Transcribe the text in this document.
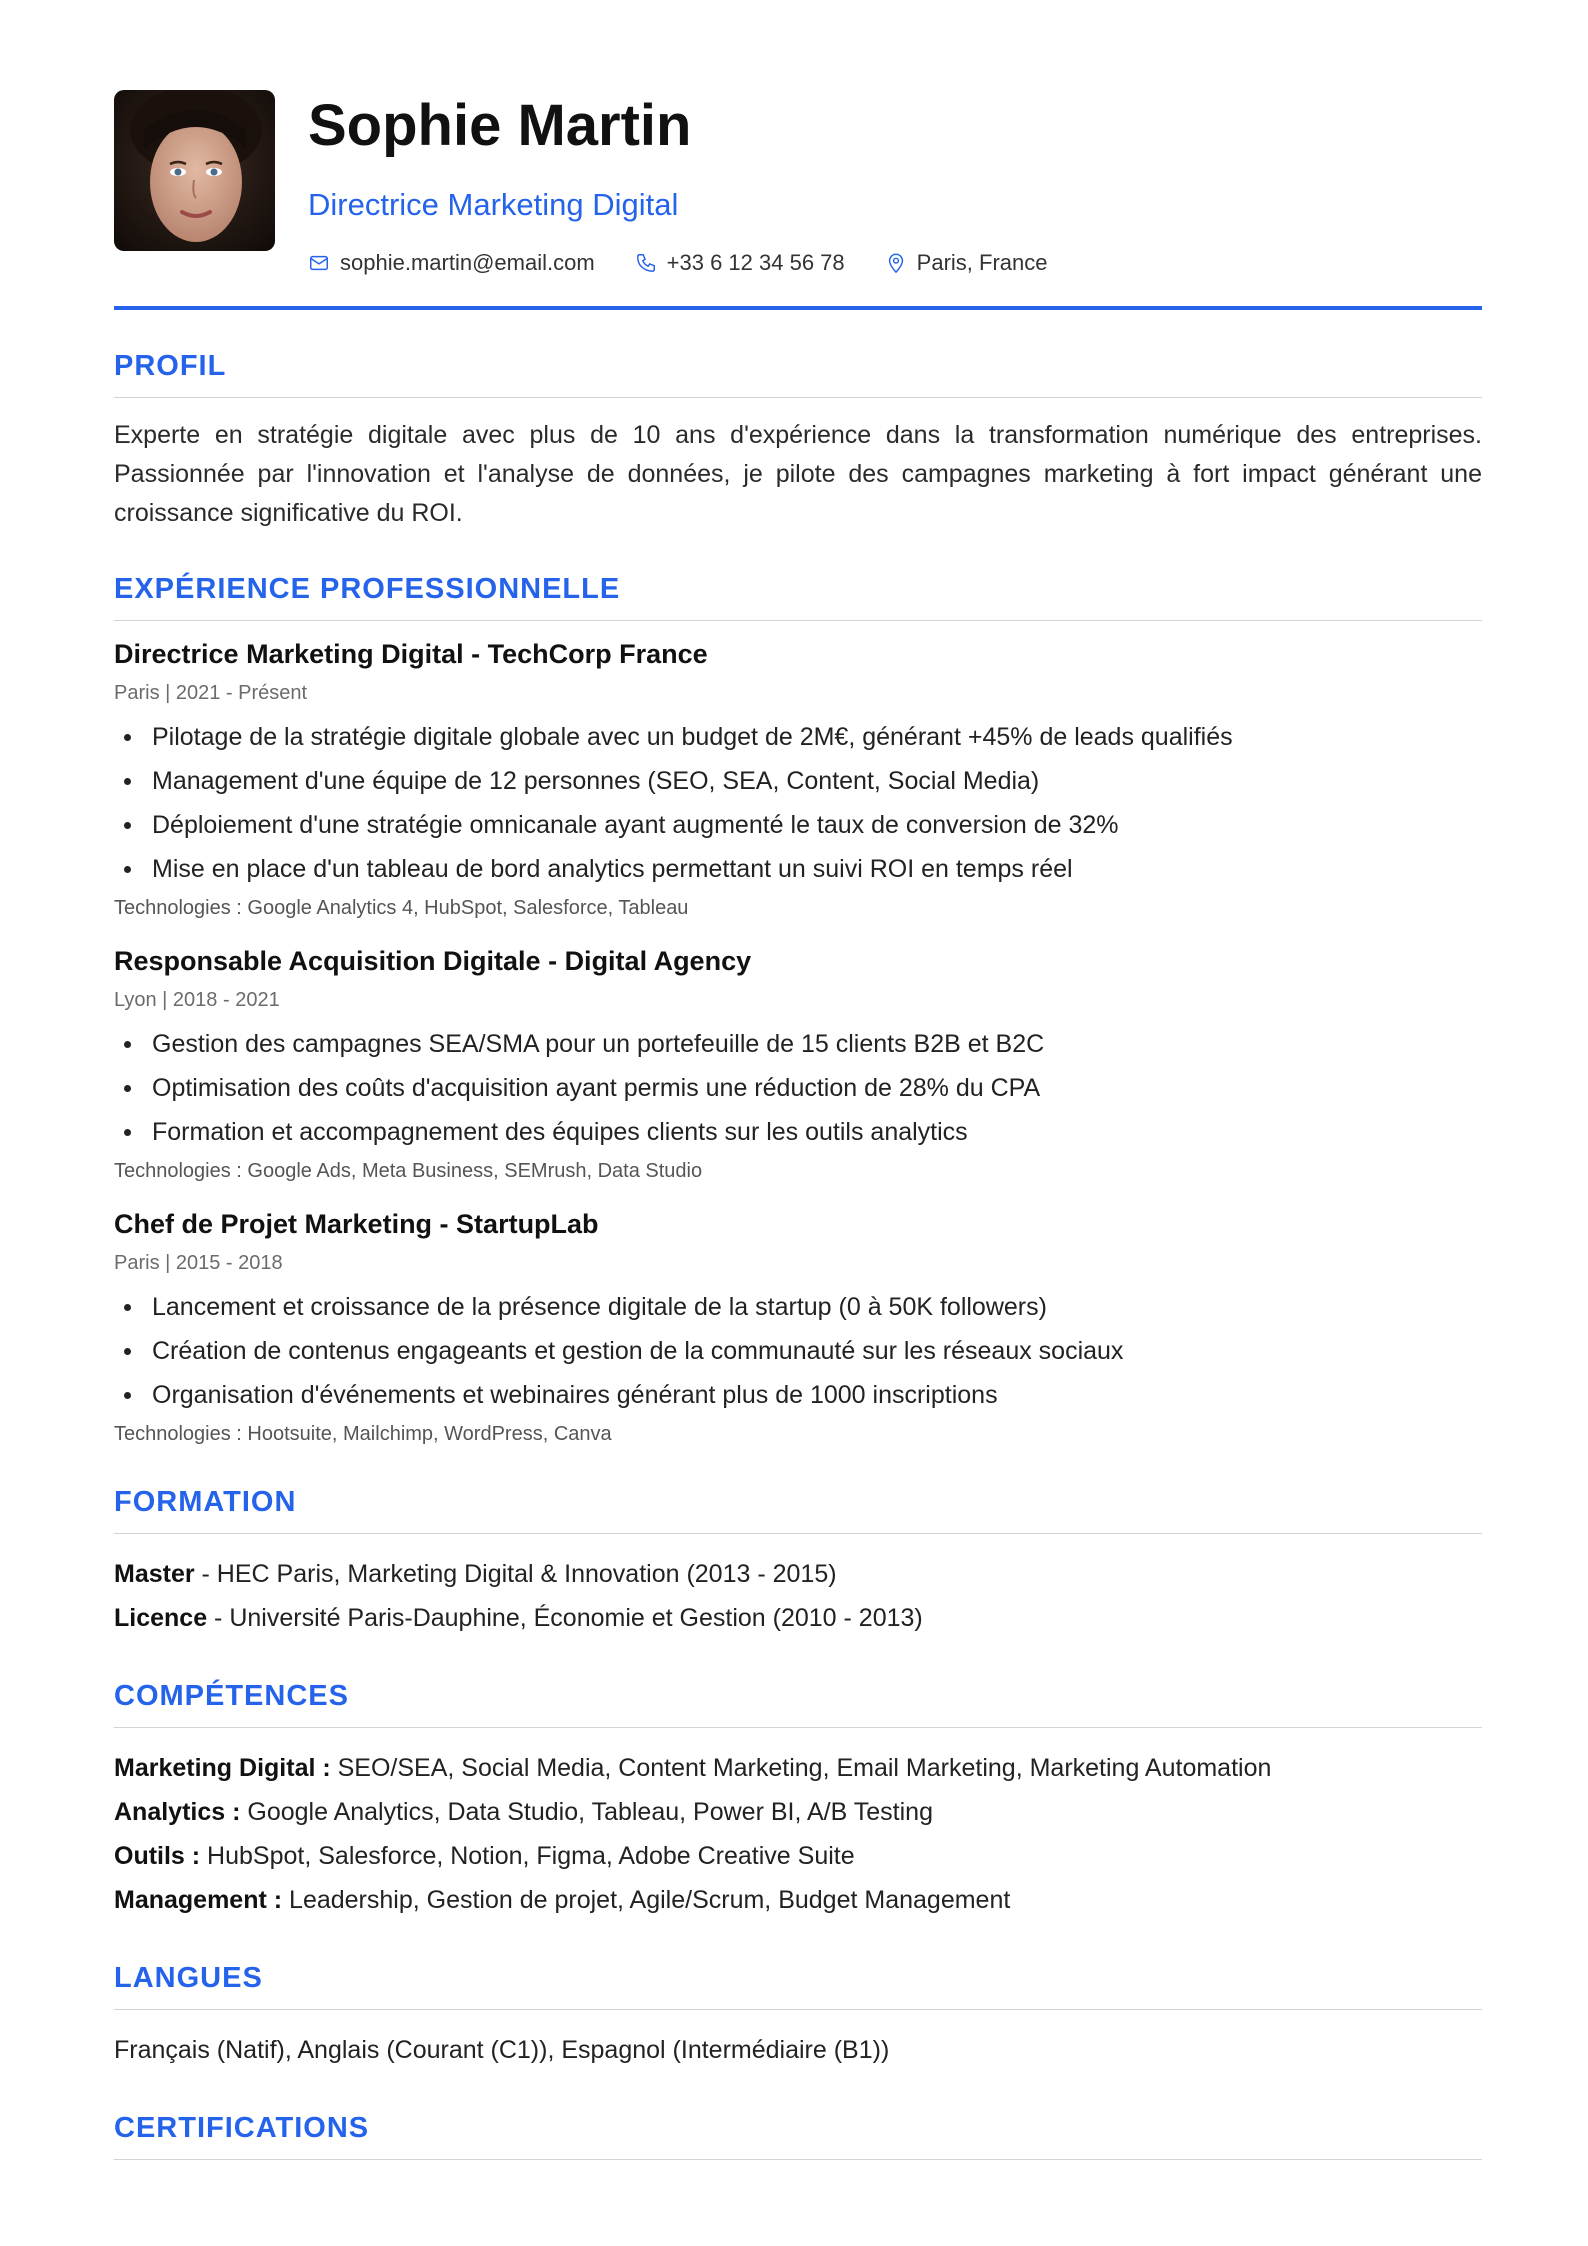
Sophie Martin
Directrice Marketing Digital
sophie.martin@email.com	+33 6 12 34 56 78	Paris, France
PROFIL

Experte en stratégie digitale avec plus de 10 ans d'expérience dans la transformation numérique des entreprises. Passionnée par l'innovation et l'analyse de données, je pilote des campagnes marketing à fort impact générant une croissance significative du ROI.

EXPÉRIENCE PROFESSIONNELLE
Directrice Marketing Digital - TechCorp France
Paris | 2021 - Présent
Pilotage de la stratégie digitale globale avec un budget de 2M€, générant +45% de leads qualifiés
Management d'une équipe de 12 personnes (SEO, SEA, Content, Social Media)
Déploiement d'une stratégie omnicanale ayant augmenté le taux de conversion de 32%
Mise en place d'un tableau de bord analytics permettant un suivi ROI en temps réel
Technologies : Google Analytics 4, HubSpot, Salesforce, Tableau
Responsable Acquisition Digitale - Digital Agency
Lyon | 2018 - 2021
Gestion des campagnes SEA/SMA pour un portefeuille de 15 clients B2B et B2C
Optimisation des coûts d'acquisition ayant permis une réduction de 28% du CPA
Formation et accompagnement des équipes clients sur les outils analytics
Technologies : Google Ads, Meta Business, SEMrush, Data Studio
Chef de Projet Marketing - StartupLab
Paris | 2015 - 2018
Lancement et croissance de la présence digitale de la startup (0 à 50K followers)
Création de contenus engageants et gestion de la communauté sur les réseaux sociaux
Organisation d'événements et webinaires générant plus de 1000 inscriptions
Technologies : Hootsuite, Mailchimp, WordPress, Canva
FORMATION
Master - HEC Paris, Marketing Digital & Innovation (2013 - 2015)
Licence - Université Paris-Dauphine, Économie et Gestion (2010 - 2013)
COMPÉTENCES
Marketing Digital : SEO/SEA, Social Media, Content Marketing, Email Marketing, Marketing Automation
Analytics : Google Analytics, Data Studio, Tableau, Power BI, A/B Testing
Outils : HubSpot, Salesforce, Notion, Figma, Adobe Creative Suite
Management : Leadership, Gestion de projet, Agile/Scrum, Budget Management
LANGUES
Français (Natif), Anglais (Courant (C1)), Espagnol (Intermédiaire (B1))
CERTIFICATIONS
